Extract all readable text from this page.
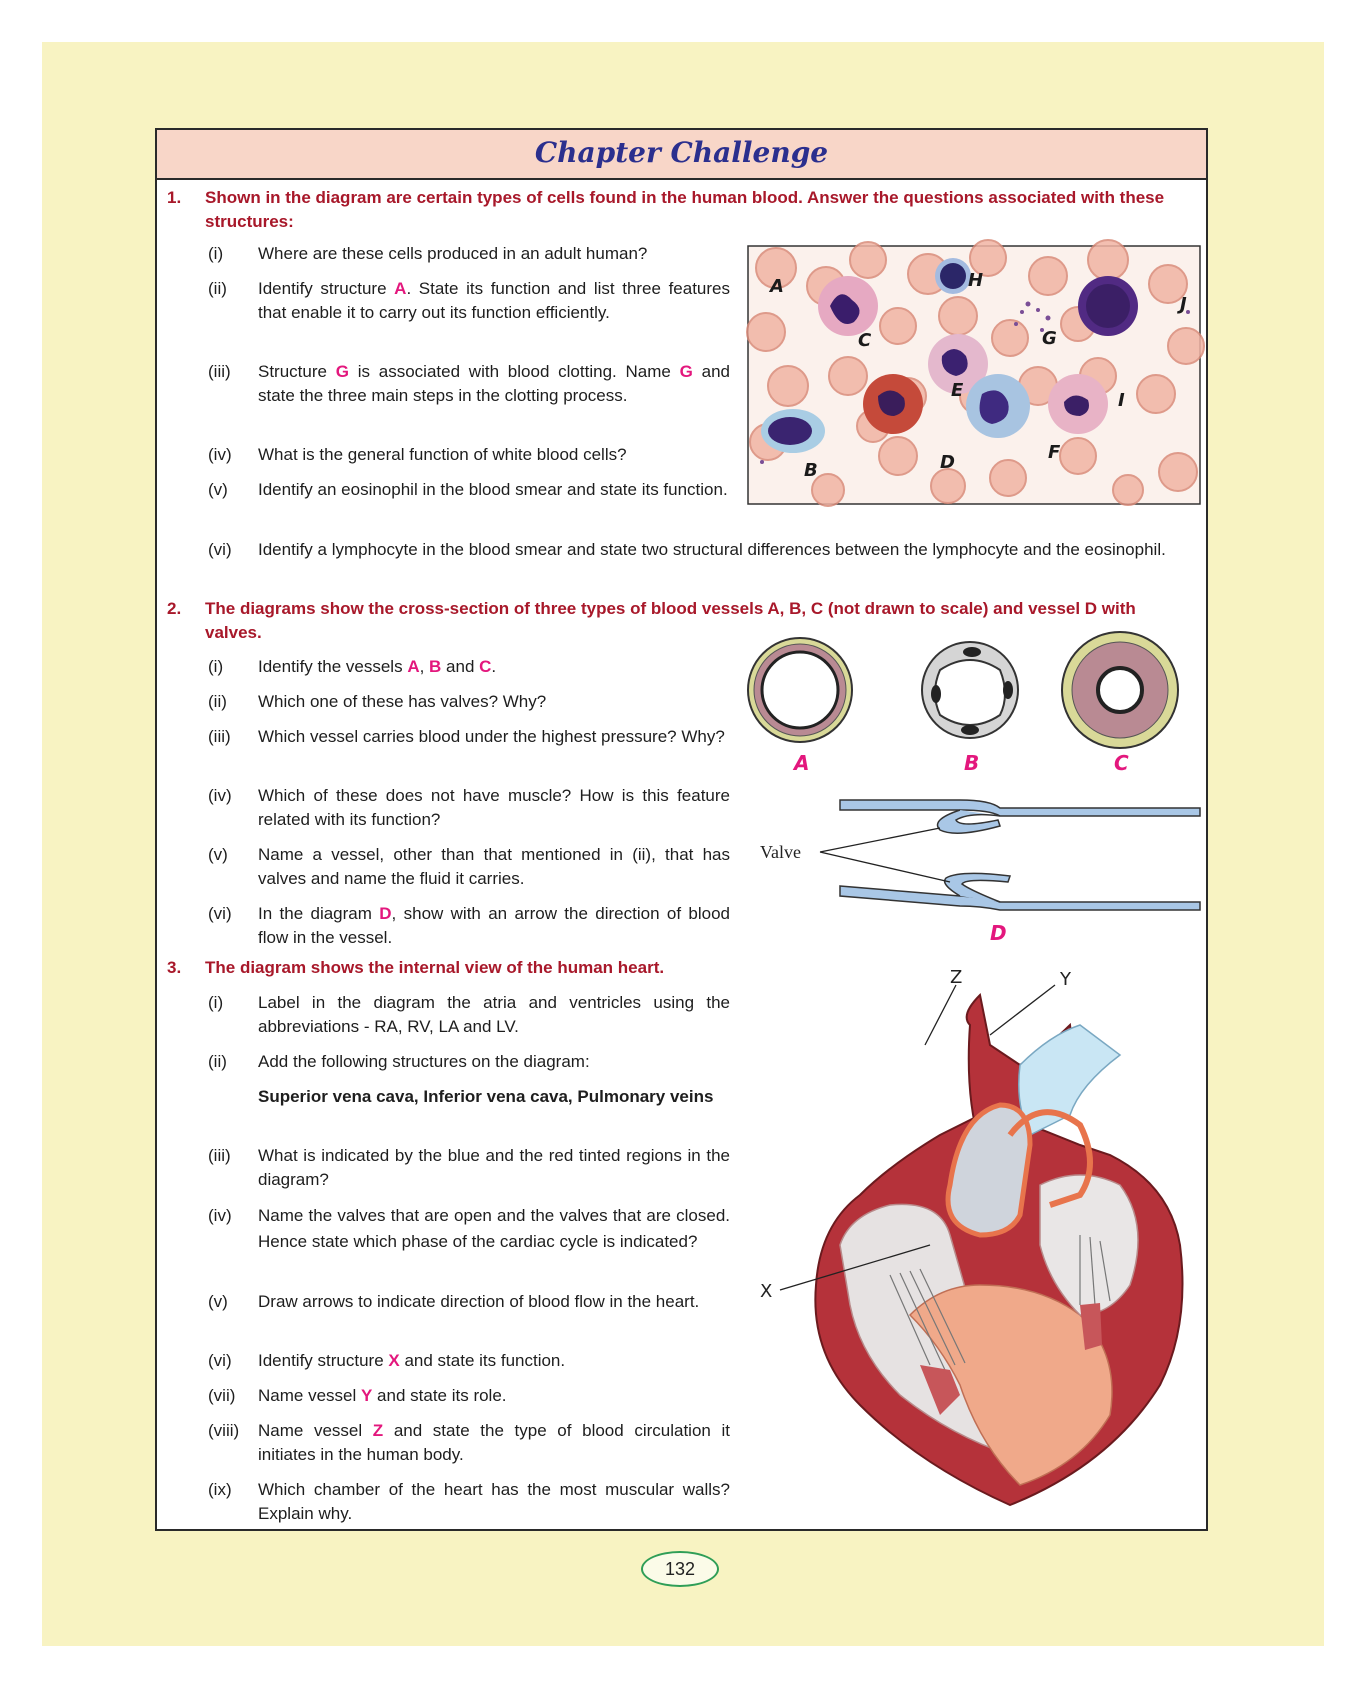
Chapter Challenge
1. Shown in the diagram are certain types of cells found in the human blood. Answer the questions associated with these structures:
(i)	Where are these cells produced in an adult human?
(ii)	Identify structure A. State its function and list three features that enable it to carry out its function efficiently.
(iii)	Structure G is associated with blood clotting. Name G and state the three main steps in the clotting process.
(iv)	What is the general function of white blood cells?
(v)	Identify an eosinophil in the blood smear and state its function.
(vi)	Identify a lymphocyte in the blood smear and state two structural differences between the lymphocyte and the eosinophil.
A
B
C
D
E
F
G
H
I
J
2. The diagrams show the cross-section of three types of blood vessels A, B, C (not drawn to scale) and vessel D with valves.
(i)	Identify the vessels A, B and C.
(ii)	Which one of these has valves? Why?
(iii)	Which vessel carries blood under the highest pressure? Why?
(iv)	Which of these does not have muscle? How is this feature related with its function?
(v)	Name a vessel, other than that mentioned in (ii), that has valves and name the fluid it carries.
(vi)	In the diagram D, show with an arrow the direction of blood flow in the vessel.
A	B	C
Valve
D
3. The diagram shows the internal view of the human heart.
(i)	Label in the diagram the atria and ventricles using the abbreviations - RA, RV, LA and LV.
(ii)	Add the following structures on the diagram:
Superior vena cava, Inferior vena cava, Pulmonary veins
(iii)	What is indicated by the blue and the red tinted regions in the diagram?
(iv)	Name the valves that are open and the valves that are closed. Hence state which phase of the cardiac cycle is indicated?
(v)	Draw arrows to indicate direction of blood flow in the heart.
(vi)	Identify structure X and state its function.
(vii)	Name vessel Y and state its role.
(viii)	Name vessel Z and state the type of blood circulation it initiates in the human body.
(ix)	Which chamber of the heart has the most muscular walls? Explain why.
Z	Y
X
132
